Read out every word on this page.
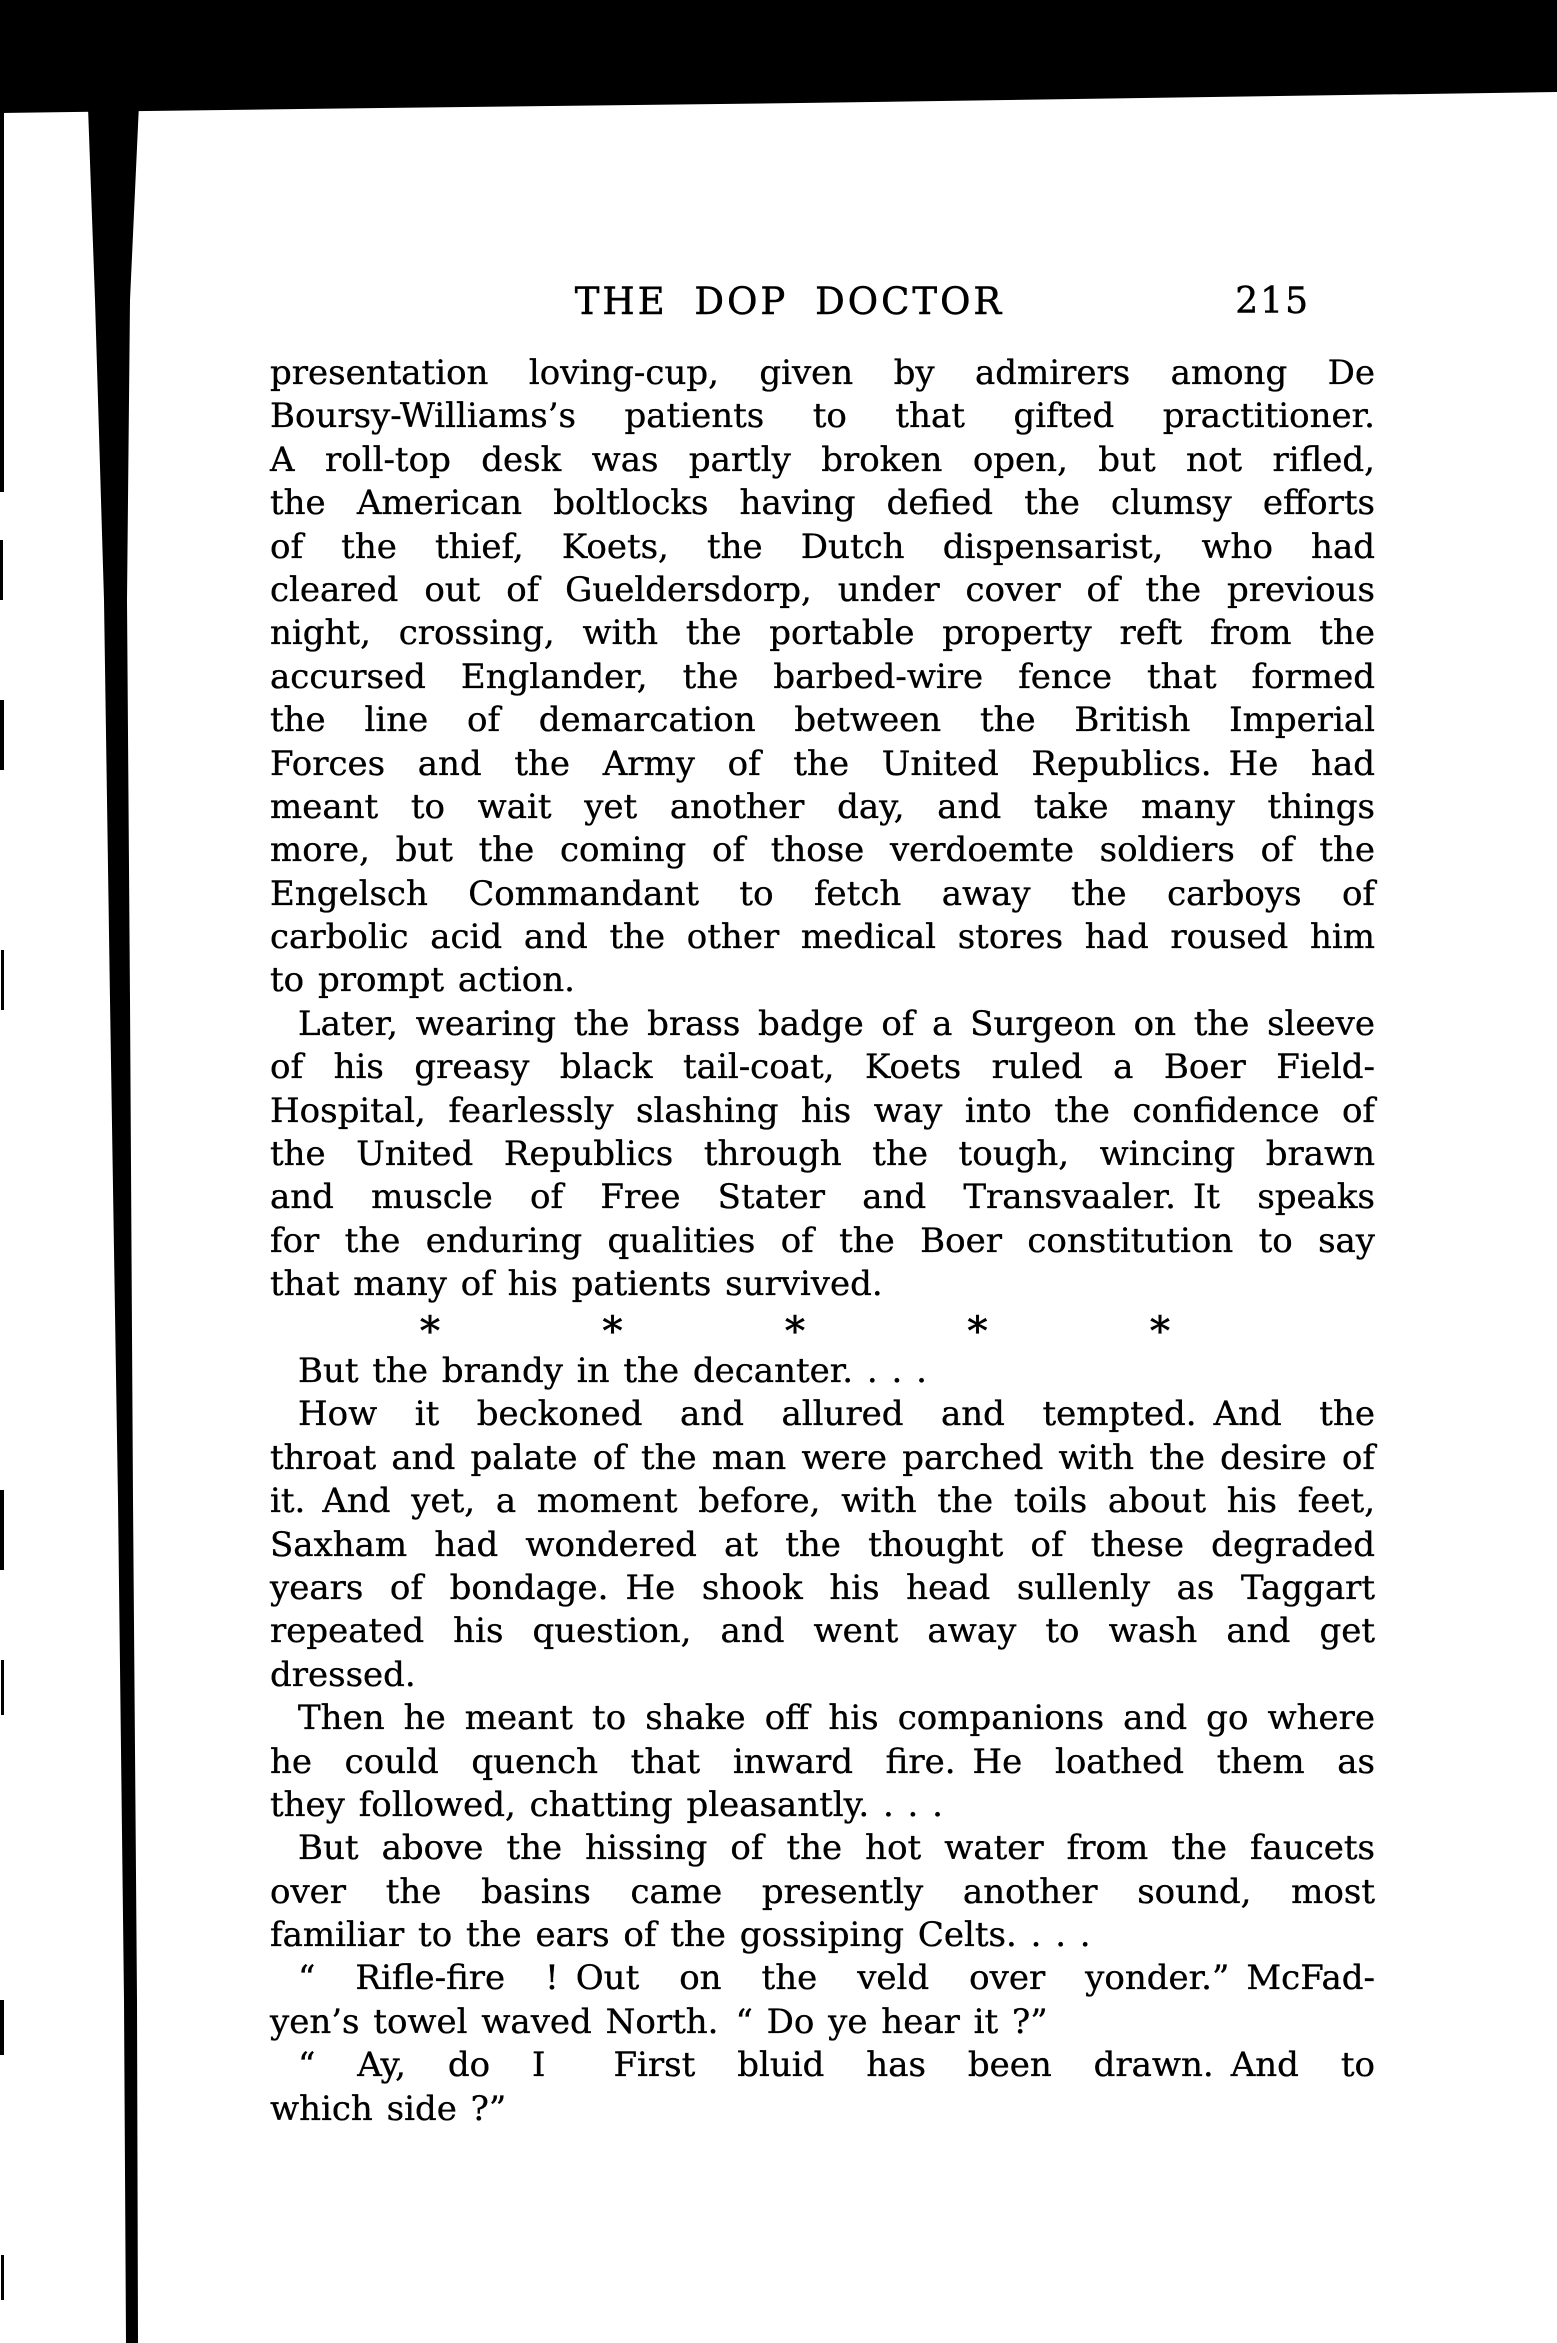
THE DOP DOCTOR	215
presentation loving-cup, given by admirers among De
Boursy-Williams’s patients to that gifted practitioner.
A roll-top desk was partly broken open, but not rifled,
the American boltlocks having defied the clumsy efforts
of the thief, Koets, the Dutch dispensarist, who had
cleared out of Gueldersdorp, under cover of the previous
night, crossing, with the portable property reft from the
accursed Englander, the barbed-wire fence that formed
the line of demarcation between the British Imperial
Forces and the Army of the United Republics. He had
meant to wait yet another day, and take many things
more, but the coming of those verdoemte soldiers of the
Engelsch Commandant to fetch away the carboys of
carbolic acid and the other medical stores had roused him
to prompt action.
Later, wearing the brass badge of a Surgeon on the sleeve
of his greasy black tail-coat, Koets ruled a Boer Field-
Hospital, fearlessly slashing his way into the confidence of
the United Republics through the tough, wincing brawn
and muscle of Free Stater and Transvaaler. It speaks
for the enduring qualities of the Boer constitution to say
that many of his patients survived.
*	*	*	*	*
But the brandy in the decanter. . . .
How it beckoned and allured and tempted. And the
throat and palate of the man were parched with the desire of
it. And yet, a moment before, with the toils about his feet,
Saxham had wondered at the thought of these degraded
years of bondage. He shook his head sullenly as Taggart
repeated his question, and went away to wash and get
dressed.
Then he meant to shake off his companions and go where
he could quench that inward fire. He loathed them as
they followed, chatting pleasantly. . . .
But above the hissing of the hot water from the faucets
over the basins came presently another sound, most
familiar to the ears of the gossiping Celts. . . .
“ Rifle-fire ! Out on the veld over yonder.” McFad-
yen’s towel waved North. “ Do ye hear it ?”
“ Ay, do I  First bluid has been drawn. And to
which side ?”
